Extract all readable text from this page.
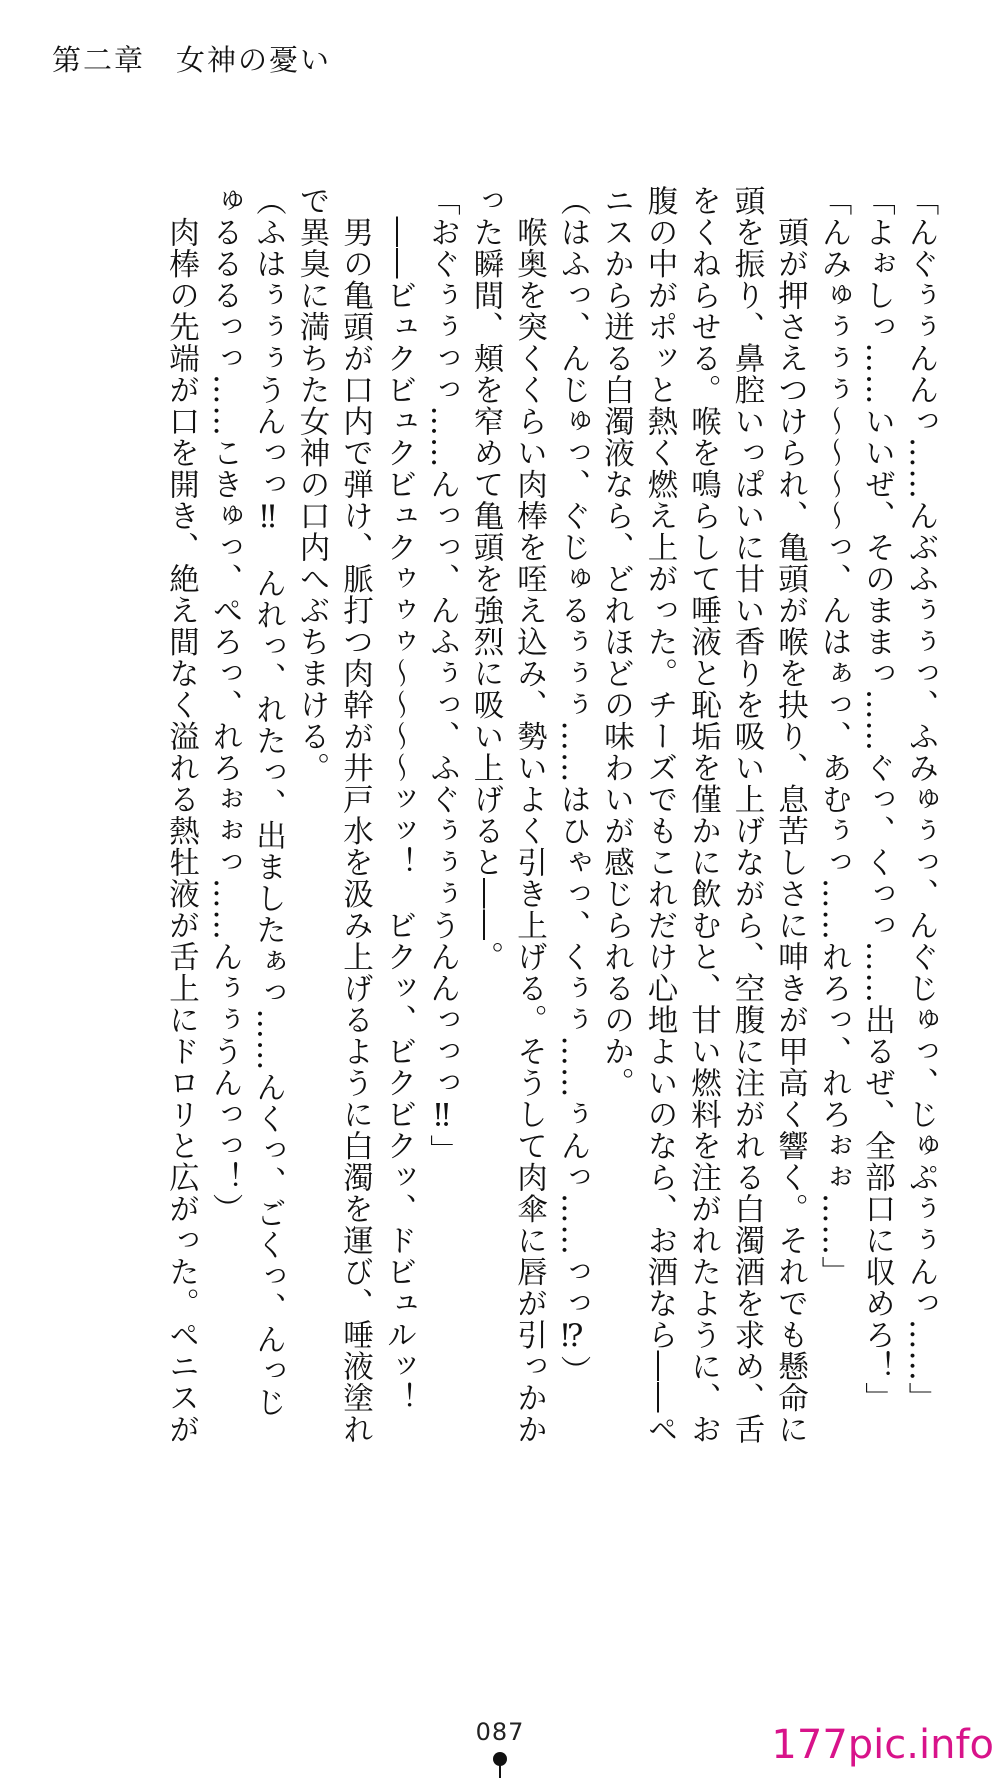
第二章　女神の憂い
「んぐぅぅんんっ……んぶふぅぅっ、ふみゅぅっ、んぐじゅっ、じゅぷぅぅんっ……」
「よぉしっ……いいぜ、そのままっ……ぐっ、くっっ……出るぜ、全部口に収めろ！」
「んみゅぅぅぅ〜〜〜〜っ、んはぁっ、あむぅっ……れろっ、れろぉぉ……」
　頭が押さえつけられ、亀頭が喉を抉り、息苦しさに呻きが甲高く響く。それでも懸命に
頭を振り、鼻腔いっぱいに甘い香りを吸い上げながら、空腹に注がれる白濁酒を求め、舌
をくねらせる。喉を鳴らして唾液と恥垢を僅かに飲むと、甘い燃料を注がれたように、お
腹の中がポッと熱く燃え上がった。チーズでもこれだけ心地よいのなら、お酒なら――ペ
ニスから迸る白濁液なら、どれほどの味わいが感じられるのか。
（はふっ、んじゅっ、ぐじゅるぅぅぅ……はひゃっ、くぅぅ……ぅんっ……っっ⁉）
　喉奥を突くくらい肉棒を咥え込み、勢いよく引き上げる。そうして肉傘に唇が引っかか
った瞬間、頬を窄めて亀頭を強烈に吸い上げると――。
「おぐぅぅっっ……んっっ、んふぅっ、ふぐぅぅぅうんんっっっ‼」
　――ビュクビュクビュクゥゥゥ〜〜〜〜ッッ！　ビクッ、ビクビクッ、ドビュルッ！
　男の亀頭が口内で弾け、脈打つ肉幹が井戸水を汲み上げるように白濁を運び、唾液塗れ
で異臭に満ちた女神の口内へぶちまける。
（ふはぅぅぅうんっっ‼　んれっ、れたっ、出ましたぁっ……んくっ、ごくっ、んっじ
ゅるるるっっ……こきゅっ、ぺろっ、れろぉぉっ……んぅぅうんっっ！）
　肉棒の先端が口を開き、絶え間なく溢れる熱牡液が舌上にドロリと広がった。ペニスが
087	177pic.info
